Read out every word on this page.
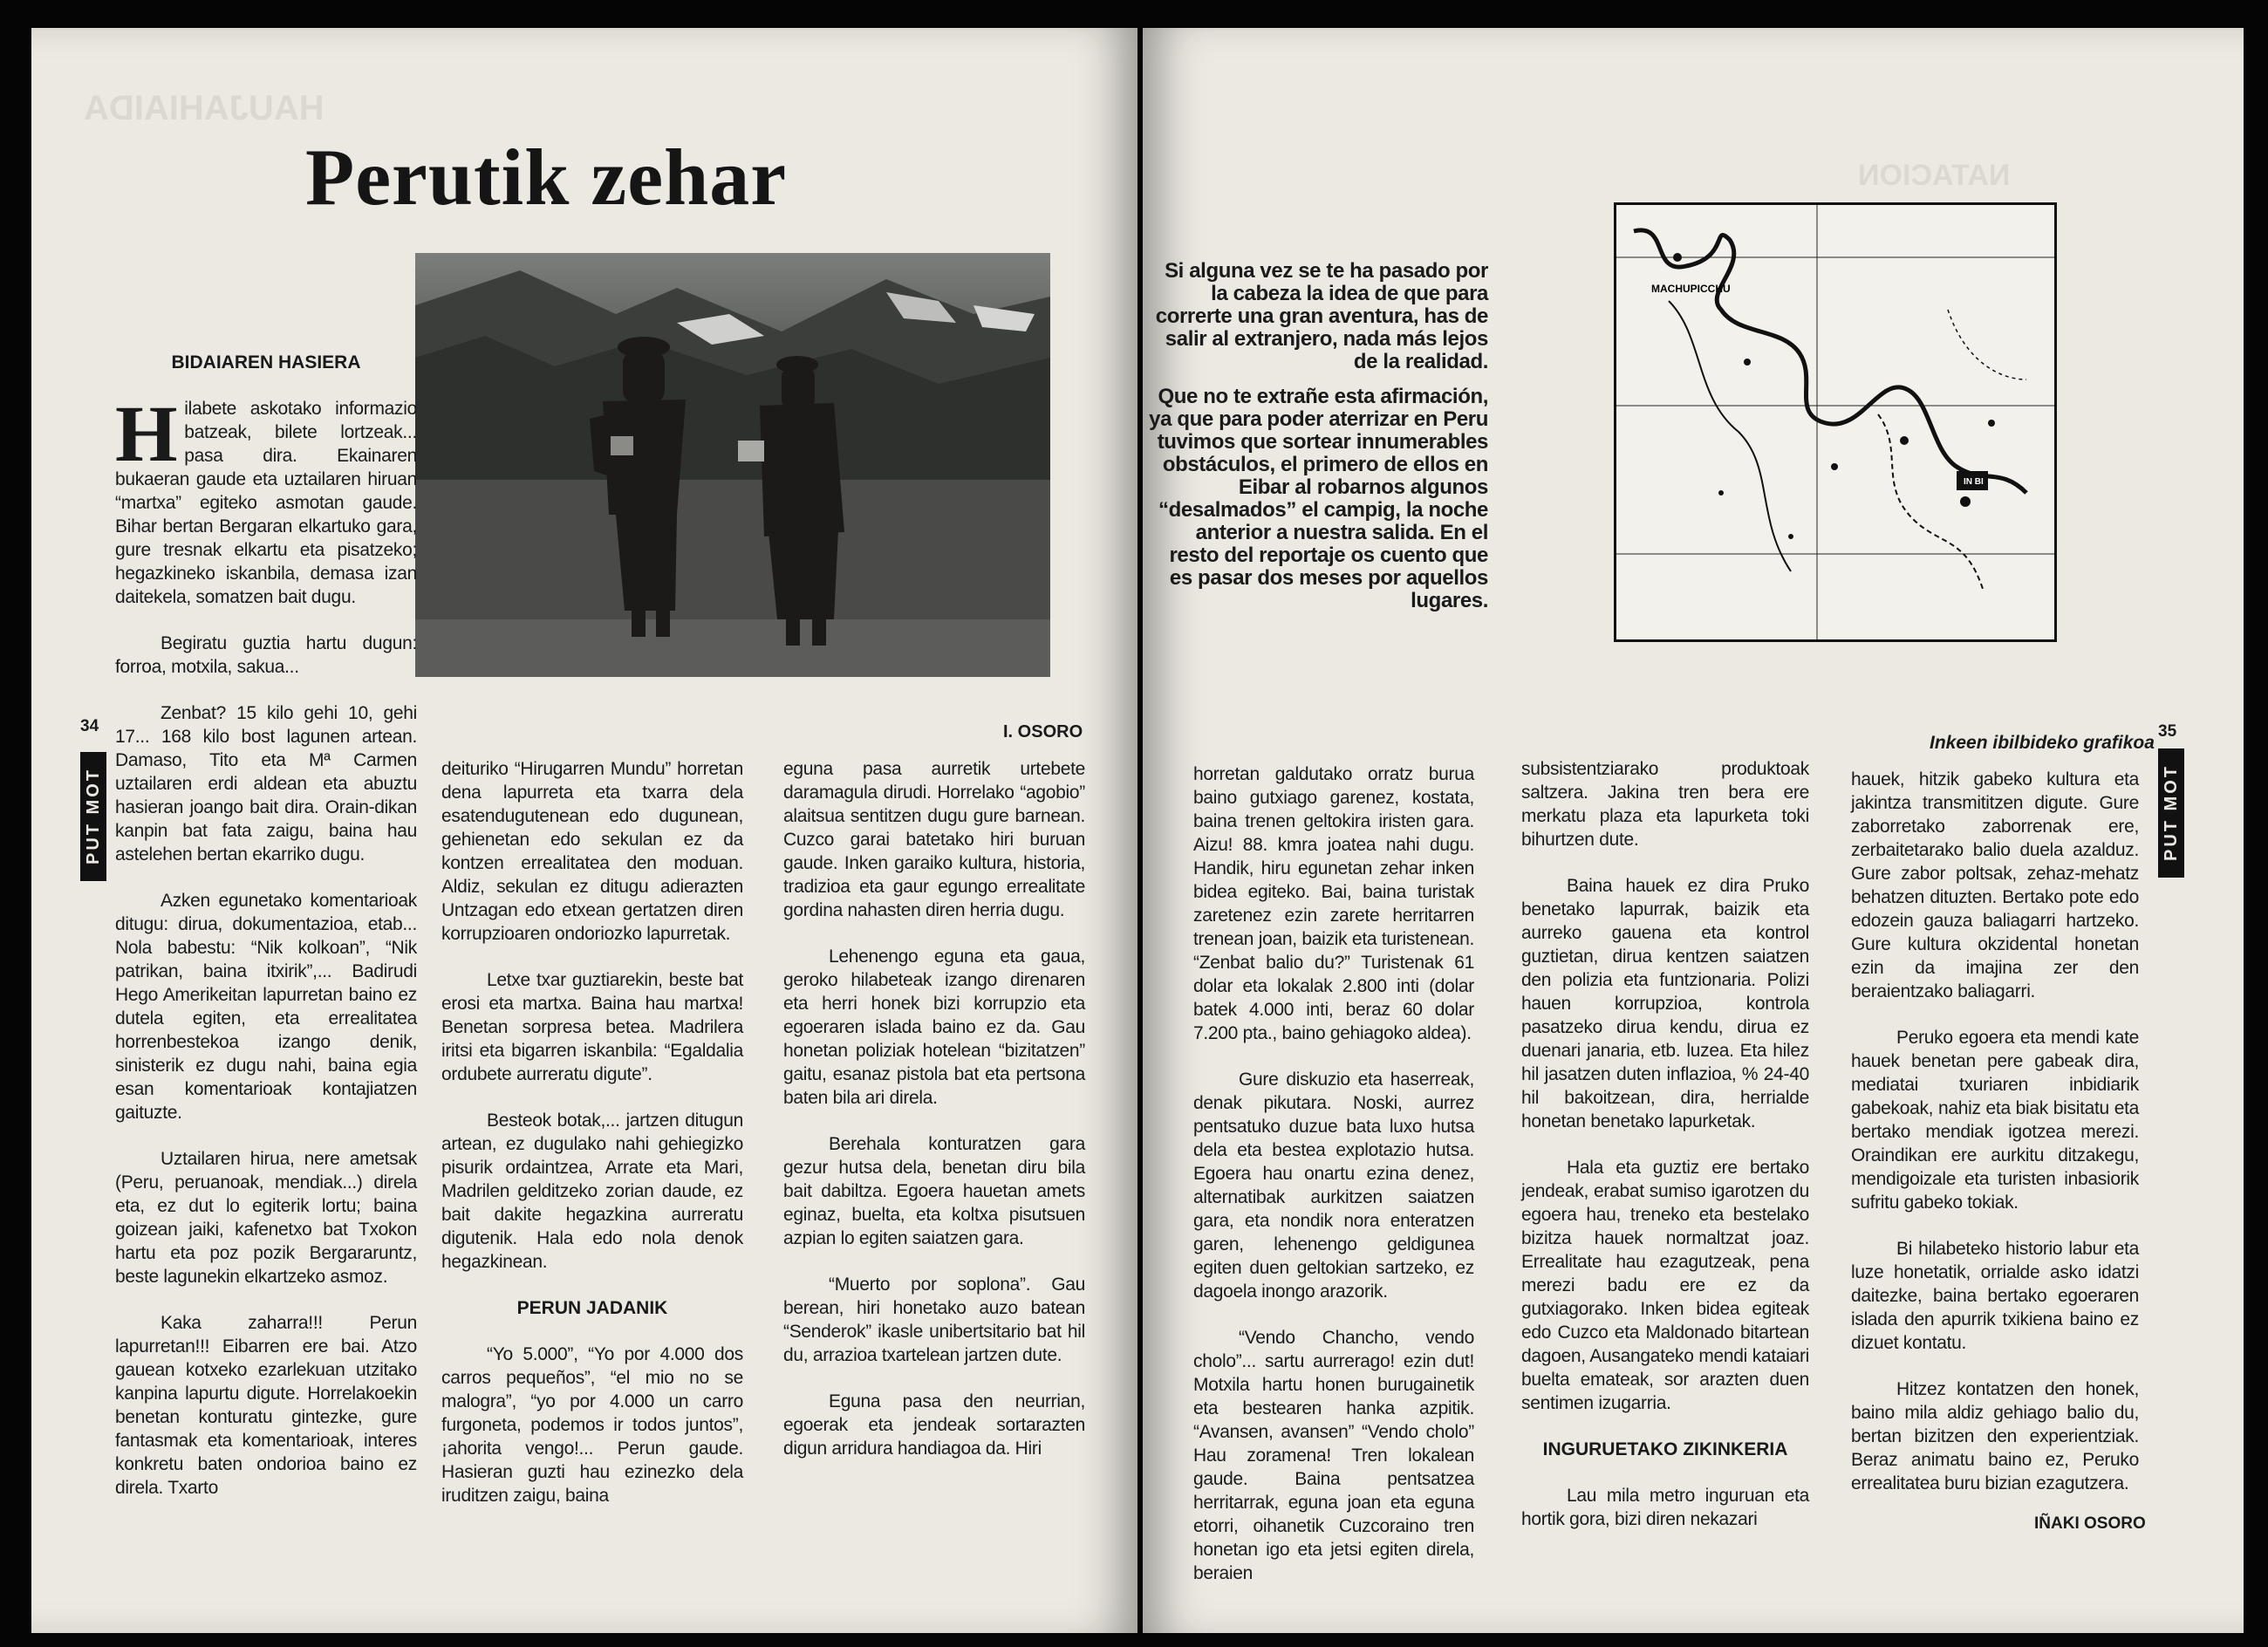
HAUJAHIAIDA
Perutik zehar
I. OSORO
34
PUT MOT
BIDAIAREN HASIERA

Hilabete askotako informazio batzeak, bilete lortzeak... pasa dira. Ekainaren bukaeran gaude eta uztailaren hiruan “martxa” egiteko asmotan gaude. Bihar bertan Bergaran elkartuko gara, gure tresnak elkartu eta pisatzeko; hegazkineko iskanbila, demasa izan daitekela, somatzen bait dugu.

Begiratu guztia hartu dugun: forroa, motxila, sakua...

Zenbat? 15 kilo gehi 10, gehi 17... 168 kilo bost lagunen artean. Damaso, Tito eta Mª Carmen uztailaren erdi aldean eta abuztu hasieran joango bait dira. Orain-dikan kanpin bat fata zaigu, baina hau astelehen bertan ekarriko dugu.

Azken egunetako komentarioak ditugu: dirua, dokumentazioa, etab... Nola babestu: “Nik kolkoan”, “Nik patrikan, baina itxirik”,... Badirudi Hego Amerikeitan lapurretan baino ez dutela egiten, eta errealitatea horrenbestekoa izango denik, sinisterik ez dugu nahi, baina egia esan komentarioak kontajiatzen gaituzte.

Uztailaren hirua, nere ametsak (Peru, peruanoak, mendiak...) direla eta, ez dut lo egiterik lortu; baina goizean jaiki, kafenetxo bat Txokon hartu eta poz pozik Bergararuntz, beste lagunekin elkartzeko asmoz.

Kaka zaharra!!! Perun lapurretan!!! Eibarren ere bai. Atzo gauean kotxeko ezarlekuan utzitako kanpina lapurtu digute. Horrelakoekin benetan konturatu gintezke, gure fantasmak eta komentarioak, interes konkretu baten ondorioa baino ez direla. Txarto

deituriko “Hirugarren Mundu” horretan dena lapurreta eta txarra dela esatendugutenean edo dugunean, gehienetan edo sekulan ez da kontzen errealitatea den moduan. Aldiz, sekulan ez ditugu adierazten Untzagan edo etxean gertatzen diren korrupzioaren ondoriozko lapurretak.

Letxe txar guztiarekin, beste bat erosi eta martxa. Baina hau martxa! Benetan sorpresa betea. Madrilera iritsi eta bigarren iskanbila: “Egaldalia ordubete aurreratu digute”.

Besteok botak,... jartzen ditugun artean, ez dugulako nahi gehiegizko pisurik ordaintzea, Arrate eta Mari, Madrilen gelditzeko zorian daude, ez bait dakite hegazkina aurreratu digutenik. Hala edo nola denok hegazkinean.

PERUN JADANIK

“Yo 5.000”, “Yo por 4.000 dos carros pequeños”, “el mio no se malogra”, “yo por 4.000 un carro furgoneta, podemos ir todos juntos”, ¡ahorita vengo!... Perun gaude. Hasieran guzti hau ezinezko dela iruditzen zaigu, baina

eguna pasa aurretik urtebete daramagula dirudi. Horrelako “agobio” alaitsua sentitzen dugu gure barnean. Cuzco garai batetako hiri buruan gaude. Inken garaiko kultura, historia, tradizioa eta gaur egungo errealitate gordina nahasten diren herria dugu.

Lehenengo eguna eta gaua, geroko hilabeteak izango direnaren eta herri honek bizi korrupzio eta egoeraren islada baino ez da. Gau honetan poliziak hotelean “bizitatzen” gaitu, esanaz pistola bat eta pertsona baten bila ari direla.

Berehala konturatzen gara gezur hutsa dela, benetan diru bila bait dabiltza. Egoera hauetan amets eginaz, buelta, eta koltxa pisutsuen azpian lo egiten saiatzen gara.

“Muerto por soplona”. Gau berean, hiri honetako auzo batean “Senderok” ikasle unibertsitario bat hil du, arrazioa txartelean jartzen dute.

Eguna pasa den neurrian, egoerak eta jendeak sortarazten digun arridura handiagoa da. Hiri

NATACION

Si alguna vez se te ha pasado por la cabeza la idea de que para correrte una gran aventura, has de salir al extranjero, nada más lejos de la realidad.

Que no te extrañe esta afirmación, ya que para poder aterrizar en Peru tuvimos que sortear innumerables obstáculos, el primero de ellos en Eibar al robarnos algunos “desalmados” el campig, la noche anterior a nuestra salida. En el resto del reportaje os cuento que es pasar dos meses por aquellos lugares.

MACHUPICCHU
IN BI
Inkeen ibilbideko grafikoa
35
PUT MOT

horretan galdutako orratz burua baino gutxiago garenez, kostata, baina trenen geltokira iristen gara. Aizu! 88. kmra joatea nahi dugu. Handik, hiru egunetan zehar inken bidea egiteko. Bai, baina turistak zaretenez ezin zarete herritarren trenean joan, baizik eta turistenean. “Zenbat balio du?” Turistenak 61 dolar eta lokalak 2.800 inti (dolar batek 4.000 inti, beraz 60 dolar 7.200 pta., baino gehiagoko aldea).

Gure diskuzio eta haserreak, denak pikutara. Noski, aurrez pentsatuko duzue bata luxo hutsa dela eta bestea explotazio hutsa. Egoera hau onartu ezina denez, alternatibak aurkitzen saiatzen gara, eta nondik nora enteratzen garen, lehenengo geldigunea egiten duen geltokian sartzeko, ez dagoela inongo arazorik.

“Vendo Chancho, vendo cholo”... sartu aurrerago! ezin dut! Motxila hartu honen burugainetik eta bestearen hanka azpitik. “Avansen, avansen” “Vendo cholo” Hau zoramena! Tren lokalean gaude. Baina pentsatzea herritarrak, eguna joan eta eguna etorri, oihanetik Cuzcoraino tren honetan igo eta jetsi egiten direla, beraien

subsistentziarako produktoak saltzera. Jakina tren bera ere merkatu plaza eta lapurketa toki bihurtzen dute.

Baina hauek ez dira Pruko benetako lapurrak, baizik eta aurreko gauena eta kontrol guztietan, dirua kentzen saiatzen den polizia eta funtzionaria. Polizi hauen korrupzioa, kontrola pasatzeko dirua kendu, dirua ez duenari janaria, etb. luzea. Eta hilez hil jasatzen duten inflazioa, % 24-40 hil bakoitzean, dira, herrialde honetan benetako lapurketak.

Hala eta guztiz ere bertako jendeak, erabat sumiso igarotzen du egoera hau, treneko eta bestelako bizitza hauek normaltzat joaz. Errealitate hau ezagutzeak, pena merezi badu ere ez da gutxiagorako. Inken bidea egiteak edo Cuzco eta Maldonado bitartean dagoen, Ausangateko mendi kataiari buelta emateak, sor arazten duen sentimen izugarria.

INGURUETAKO ZIKINKERIA

Lau mila metro inguruan eta hortik gora, bizi diren nekazari

hauek, hitzik gabeko kultura eta jakintza transmititzen digute. Gure zaborretako zaborrenak ere, zerbaitetarako balio duela azalduz. Gure zabor poltsak, zehaz-mehatz behatzen dituzten. Bertako pote edo edozein gauza baliagarri hartzeko. Gure kultura okzidental honetan ezin da imajina zer den beraientzako baliagarri.

Peruko egoera eta mendi kate hauek benetan pere gabeak dira, mediatai txuriaren inbidiarik gabekoak, nahiz eta biak bisitatu eta bertako mendiak igotzea merezi. Oraindikan ere aurkitu ditzakegu, mendigoizale eta turisten inbasiorik sufritu gabeko tokiak.

Bi hilabeteko historio labur eta luze honetatik, orrialde asko idatzi daitezke, baina bertako egoeraren islada den apurrik txikiena baino ez dizuet kontatu.

Hitzez kontatzen den honek, baino mila aldiz gehiago balio du, bertan bizitzen den experientziak. Beraz animatu baino ez, Peruko errealitatea buru bizian ezagutzera.

IÑAKI OSORO
